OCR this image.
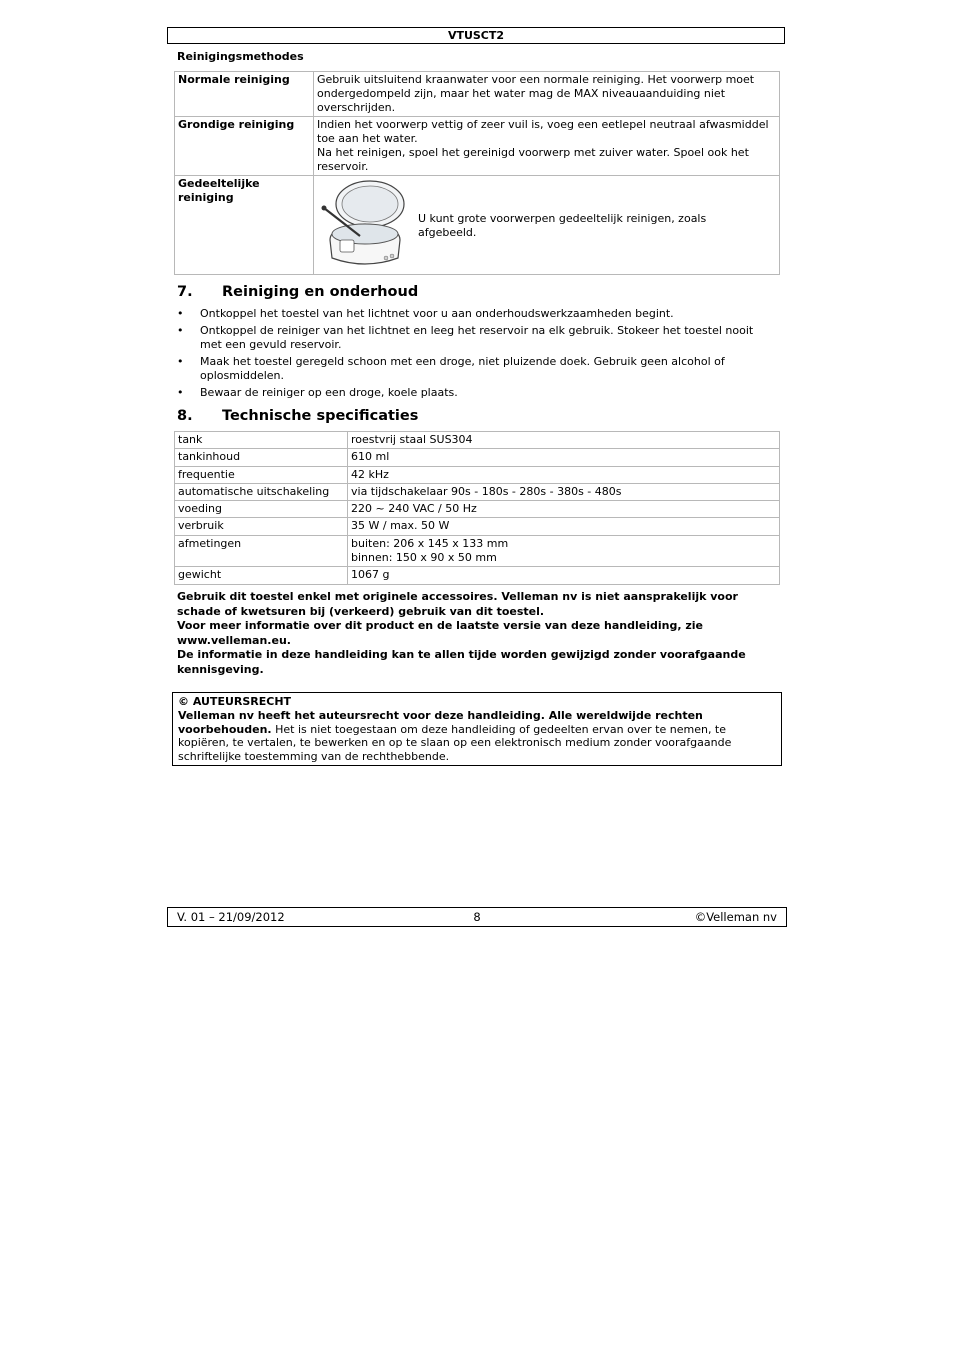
VTUSCT2
Reinigingsmethodes
Normale reiniging	Gebruik uitsluitend kraanwater voor een normale reiniging. Het voorwerp moet ondergedompeld zijn, maar het water mag de MAX niveauaanduiding niet overschrijden.

Grondige reiniging	Indien het voorwerp vettig of zeer vuil is, voeg een eetlepel neutraal afwasmiddel toe aan het water.

Na het reinigen, spoel het gereinigd voorwerp met zuiver water. Spoel ook het reservoir.

Gedeeltelijke reiniging	U kunt grote voorwerpen gedeeltelijk reinigen, zoals afgebeeld.
7. Reiniging en onderhoud
• Ontkoppel het toestel van het lichtnet voor u aan onderhoudswerkzaamheden begint.
• Ontkoppel de reiniger van het lichtnet en leeg het reservoir na elk gebruik. Stokeer het toestel nooit met een gevuld reservoir.
• Maak het toestel geregeld schoon met een droge, niet pluizende doek. Gebruik geen alcohol of oplosmiddelen.
• Bewaar de reiniger op een droge, koele plaats.
8. Technische specificaties
tank	roestvrij staal SUS304
tankinhoud	610 ml
frequentie	42 kHz
automatische uitschakeling	via tijdschakelaar 90s - 180s - 280s - 380s - 480s
voeding	220 ~ 240 VAC / 50 Hz
verbruik	35 W / max. 50 W
afmetingen	buiten: 206 x 145 x 133 mm
binnen: 150 x 90 x 50 mm

gewicht	1067 g

Gebruik dit toestel enkel met originele accessoires. Velleman nv is niet aansprakelijk voor schade of kwetsuren bij (verkeerd) gebruik van dit toestel.

Voor meer informatie over dit product en de laatste versie van deze handleiding, zie www.velleman.eu.

De informatie in deze handleiding kan te allen tijde worden gewijzigd zonder voorafgaande kennisgeving.

© AUTEURSRECHT
Velleman nv heeft het auteursrecht voor deze handleiding. Alle wereldwijde rechten voorbehouden. Het is niet toegestaan om deze handleiding of gedeelten ervan over te nemen, te kopiëren, te vertalen, te bewerken en op te slaan op een elektronisch medium zonder voorafgaande schriftelijke toestemming van de rechthebbende.
V. 01 – 21/09/2012	8	©Velleman nv
